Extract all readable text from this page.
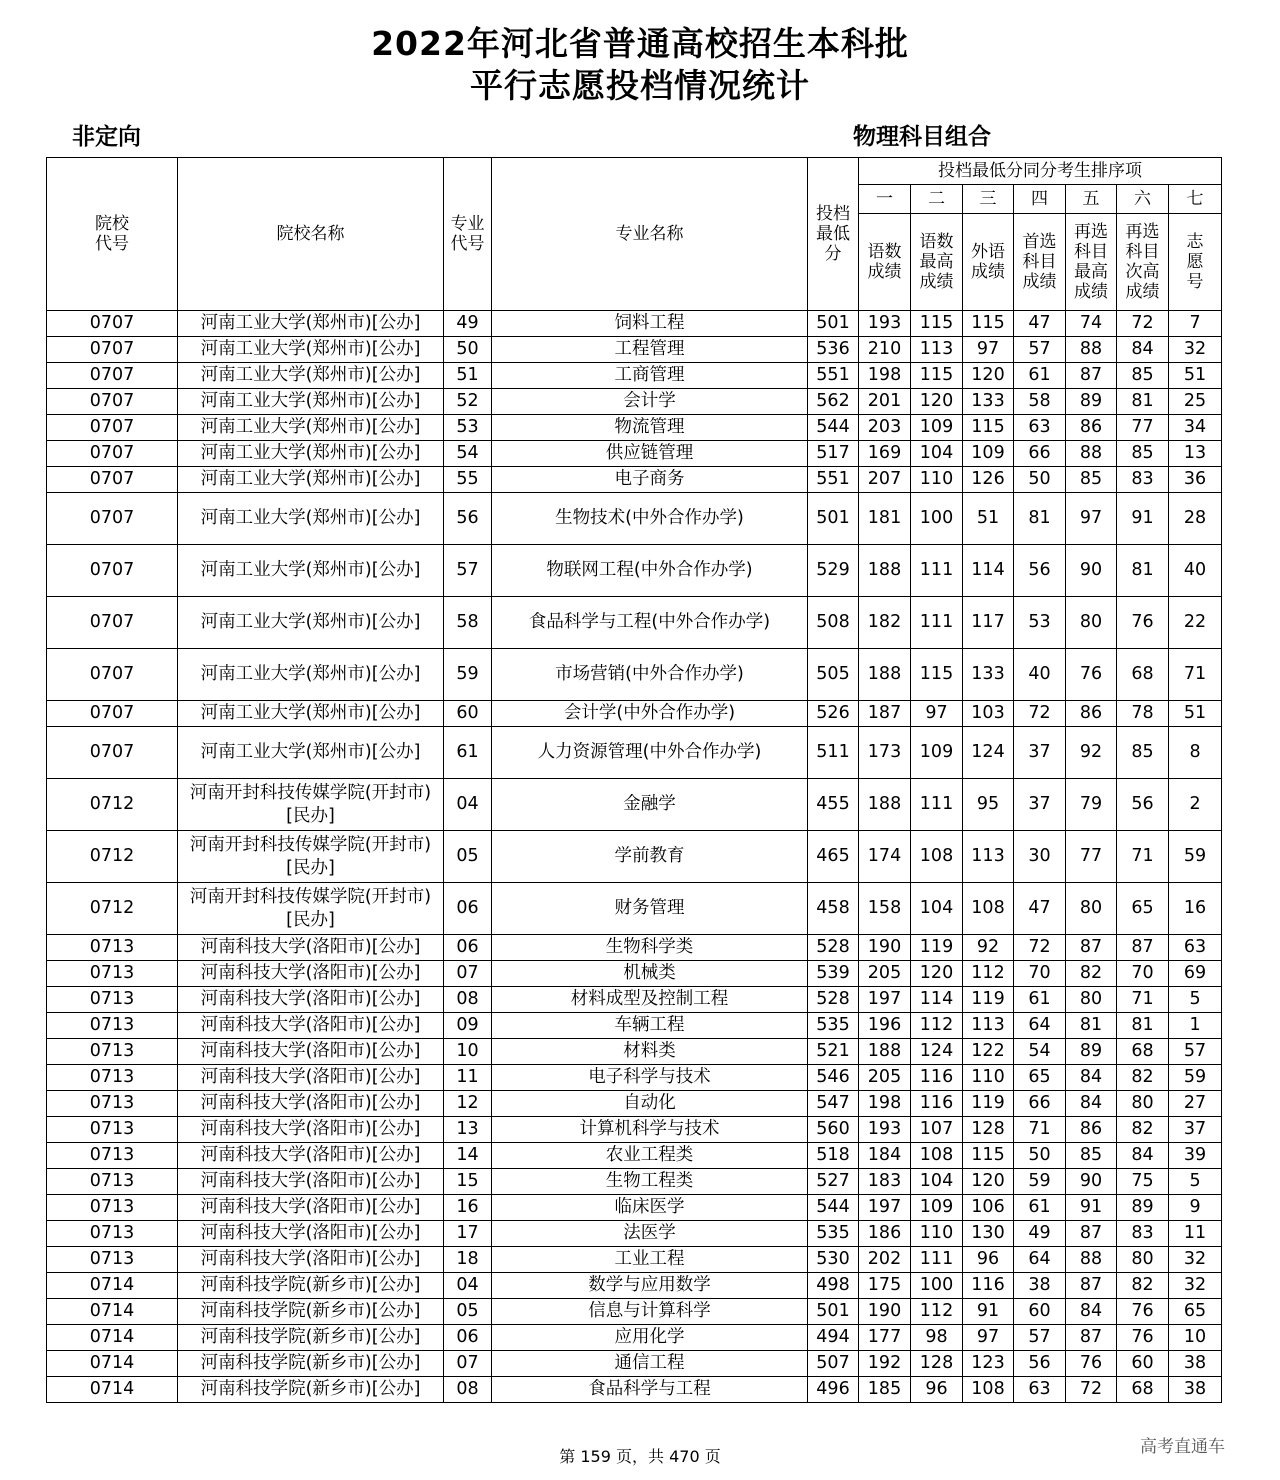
2022年河北省普通高校招生本科批
平行志愿投档情况统计
非定向	物理科目组合
院校代号	院校名称	专业代号	专业名称	投档最低分	投档最低分同分考生排序项						
					一	二	三	四	五	六	七
					语数成绩	语数最高成绩	外语成绩	首选科目成绩	再选科目最高成绩	再选科目次高成绩	志愿号
0707	河南工业大学(郑州市)[公办]	49	饲料工程	501	193	115	115	47	74	72	7
0707	河南工业大学(郑州市)[公办]	50	工程管理	536	210	113	97	57	88	84	32
0707	河南工业大学(郑州市)[公办]	51	工商管理	551	198	115	120	61	87	85	51
0707	河南工业大学(郑州市)[公办]	52	会计学	562	201	120	133	58	89	81	25
0707	河南工业大学(郑州市)[公办]	53	物流管理	544	203	109	115	63	86	77	34
0707	河南工业大学(郑州市)[公办]	54	供应链管理	517	169	104	109	66	88	85	13
0707	河南工业大学(郑州市)[公办]	55	电子商务	551	207	110	126	50	85	83	36
0707	河南工业大学(郑州市)[公办]	56	生物技术(中外合作办学)	501	181	100	51	81	97	91	28
0707	河南工业大学(郑州市)[公办]	57	物联网工程(中外合作办学)	529	188	111	114	56	90	81	40
0707	河南工业大学(郑州市)[公办]	58	食品科学与工程(中外合作办学)	508	182	111	117	53	80	76	22
0707	河南工业大学(郑州市)[公办]	59	市场营销(中外合作办学)	505	188	115	133	40	76	68	71
0707	河南工业大学(郑州市)[公办]	60	会计学(中外合作办学)	526	187	97	103	72	86	78	51
0707	河南工业大学(郑州市)[公办]	61	人力资源管理(中外合作办学)	511	173	109	124	37	92	85	8
0712	河南开封科技传媒学院(开封市)[民办]	04	金融学	455	188	111	95	37	79	56	2
0712	河南开封科技传媒学院(开封市)[民办]	05	学前教育	465	174	108	113	30	77	71	59
0712	河南开封科技传媒学院(开封市)[民办]	06	财务管理	458	158	104	108	47	80	65	16
0713	河南科技大学(洛阳市)[公办]	06	生物科学类	528	190	119	92	72	87	87	63
0713	河南科技大学(洛阳市)[公办]	07	机械类	539	205	120	112	70	82	70	69
0713	河南科技大学(洛阳市)[公办]	08	材料成型及控制工程	528	197	114	119	61	80	71	5
0713	河南科技大学(洛阳市)[公办]	09	车辆工程	535	196	112	113	64	81	81	1
0713	河南科技大学(洛阳市)[公办]	10	材料类	521	188	124	122	54	89	68	57
0713	河南科技大学(洛阳市)[公办]	11	电子科学与技术	546	205	116	110	65	84	82	59
0713	河南科技大学(洛阳市)[公办]	12	自动化	547	198	116	119	66	84	80	27
0713	河南科技大学(洛阳市)[公办]	13	计算机科学与技术	560	193	107	128	71	86	82	37
0713	河南科技大学(洛阳市)[公办]	14	农业工程类	518	184	108	115	50	85	84	39
0713	河南科技大学(洛阳市)[公办]	15	生物工程类	527	183	104	120	59	90	75	5
0713	河南科技大学(洛阳市)[公办]	16	临床医学	544	197	109	106	61	91	89	9
0713	河南科技大学(洛阳市)[公办]	17	法医学	535	186	110	130	49	87	83	11
0713	河南科技大学(洛阳市)[公办]	18	工业工程	530	202	111	96	64	88	80	32
0714	河南科技学院(新乡市)[公办]	04	数学与应用数学	498	175	100	116	38	87	82	32
0714	河南科技学院(新乡市)[公办]	05	信息与计算科学	501	190	112	91	60	84	76	65
0714	河南科技学院(新乡市)[公办]	06	应用化学	494	177	98	97	57	87	76	10
0714	河南科技学院(新乡市)[公办]	07	通信工程	507	192	128	123	56	76	60	38
0714	河南科技学院(新乡市)[公办]	08	食品科学与工程	496	185	96	108	63	72	68	38
第 159 页，共 470 页	高考直通车
